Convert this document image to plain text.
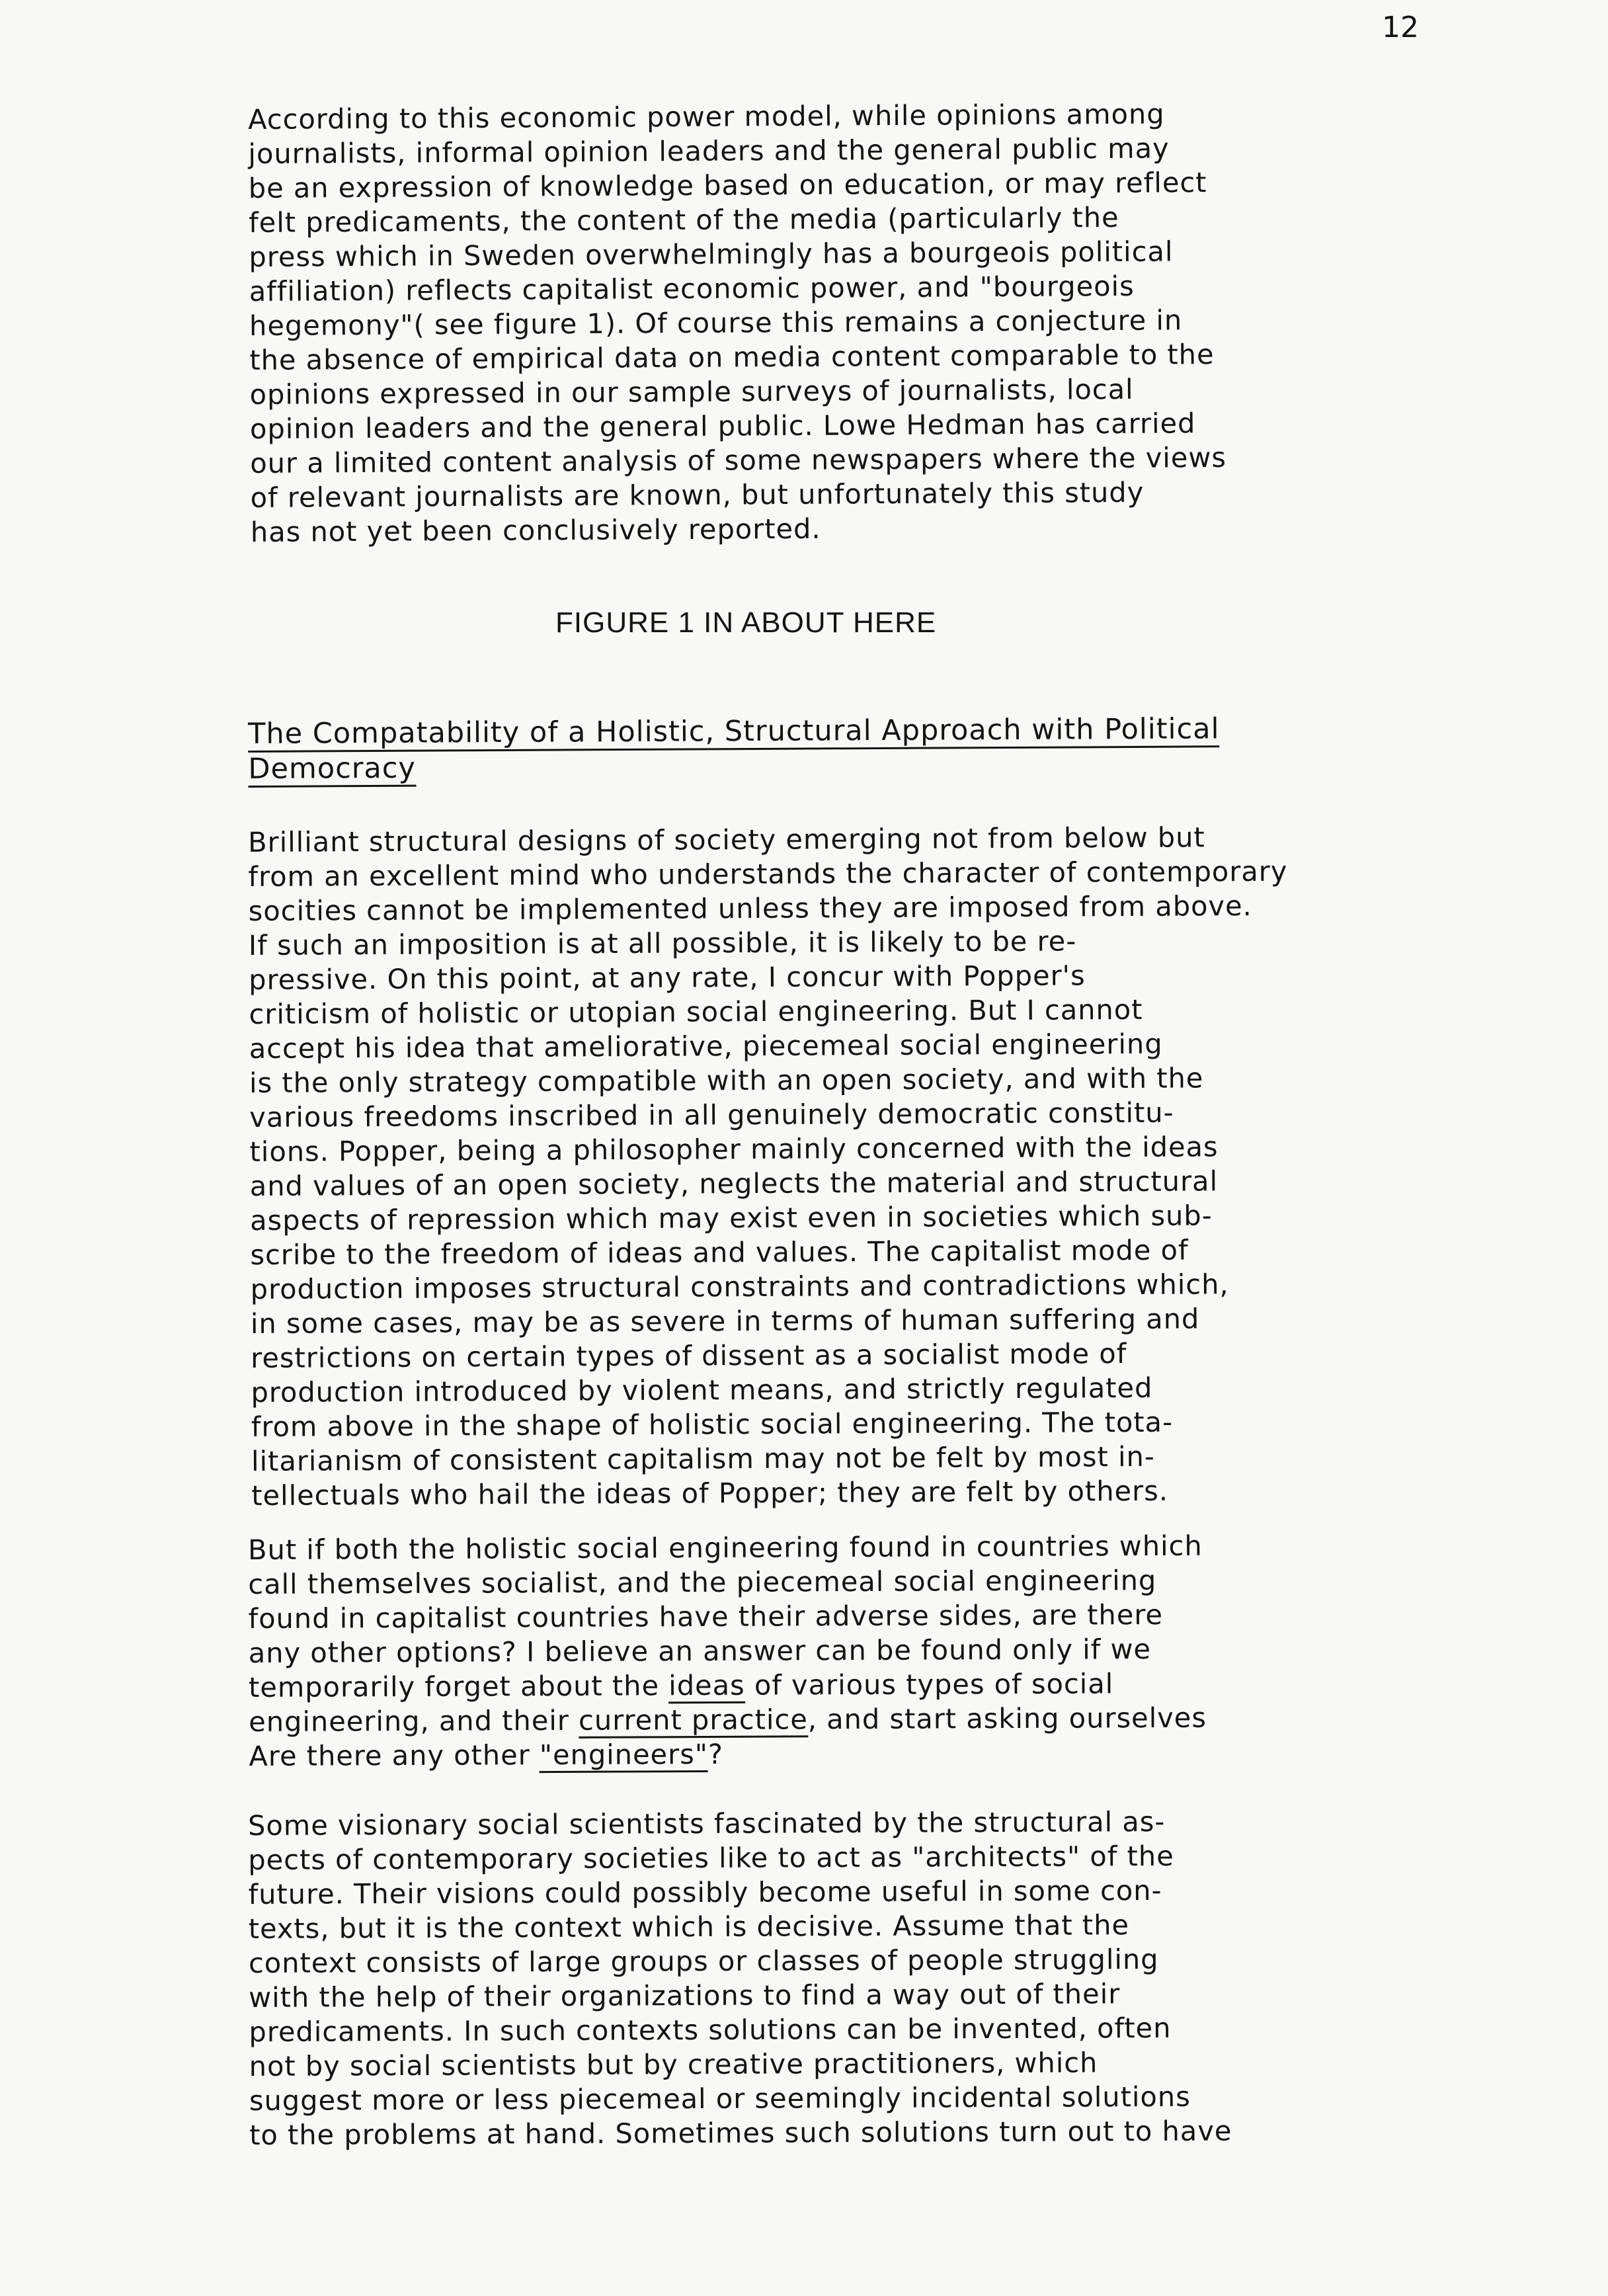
12
According to this economic power model, while opinions among
journalists, informal opinion leaders and the general public may
be an expression of knowledge based on education, or may reflect
felt predicaments, the content of the media (particularly the
press which in Sweden overwhelmingly has a bourgeois political
affiliation) reflects capitalist economic power, and "bourgeois
hegemony"( see figure 1). Of course this remains a conjecture in
the absence of empirical data on media content comparable to the
opinions expressed in our sample surveys of journalists, local
opinion leaders and the general public. Lowe Hedman has carried
our a limited content analysis of some newspapers where the views
of relevant journalists are known, but unfortunately this study
has not yet been conclusively reported.
FIGURE 1 IN ABOUT HERE
The Compatability of a Holistic, Structural Approach with Political
Democracy
Brilliant structural designs of society emerging not from below but
from an excellent mind who understands the character of contemporary
socities cannot be implemented unless they are imposed from above.
If such an imposition is at all possible, it is likely to be re-
pressive. On this point, at any rate, I concur with Popper's
criticism of holistic or utopian social engineering. But I cannot
accept his idea that ameliorative, piecemeal social engineering
is the only strategy compatible with an open society, and with the
various freedoms inscribed in all genuinely democratic constitu-
tions. Popper, being a philosopher mainly concerned with the ideas
and values of an open society, neglects the material and structural
aspects of repression which may exist even in societies which sub-
scribe to the freedom of ideas and values. The capitalist mode of
production imposes structural constraints and contradictions which,
in some cases, may be as severe in terms of human suffering and
restrictions on certain types of dissent as a socialist mode of
production introduced by violent means, and strictly regulated
from above in the shape of holistic social engineering. The tota-
litarianism of consistent capitalism may not be felt by most in-
tellectuals who hail the ideas of Popper; they are felt by others.
But if both the holistic social engineering found in countries which
call themselves socialist, and the piecemeal social engineering
found in capitalist countries have their adverse sides, are there
any other options? I believe an answer can be found only if we
temporarily forget about the ideas of various types of social
engineering, and their current practice, and start asking ourselves
Are there any other "engineers"?
Some visionary social scientists fascinated by the structural as-
pects of contemporary societies like to act as "architects" of the
future. Their visions could possibly become useful in some con-
texts, but it is the context which is decisive. Assume that the
context consists of large groups or classes of people struggling
with the help of their organizations to find a way out of their
predicaments. In such contexts solutions can be invented, often
not by social scientists but by creative practitioners, which
suggest more or less piecemeal or seemingly incidental solutions
to the problems at hand. Sometimes such solutions turn out to have
